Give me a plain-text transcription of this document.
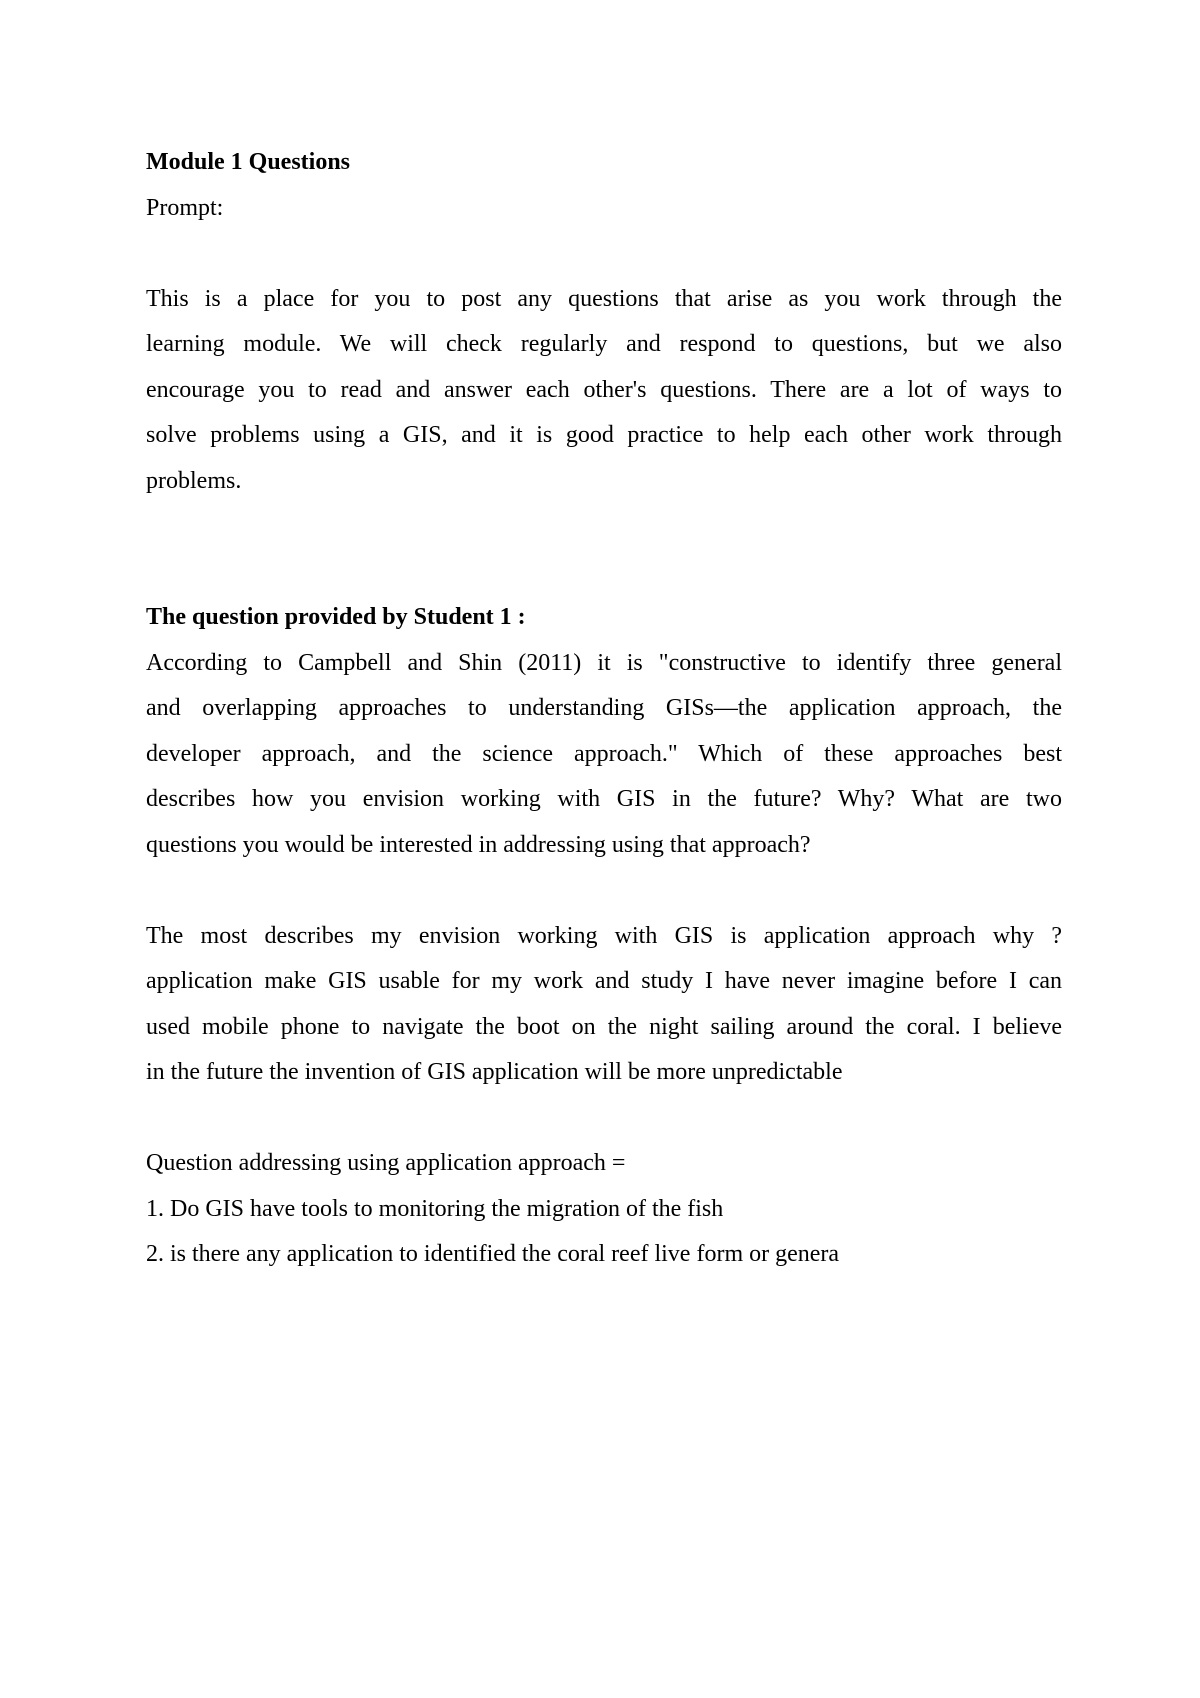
Module 1 Questions
Prompt:
This is a place for you to post any questions that arise as you work through the
learning module. We will check regularly and respond to questions, but we also
encourage you to read and answer each other's questions. There are a lot of ways to
solve problems using a GIS, and it is good practice to help each other work through
problems.
The question provided by Student 1 :
According to Campbell and Shin (2011) it is "constructive to identify three general
and overlapping approaches to understanding GISs—the application approach, the
developer approach, and the science approach." Which of these approaches best
describes how you envision working with GIS in the future? Why? What are two
questions you would be interested in addressing using that approach?
The most describes my envision working with GIS is application approach why ?
application make GIS usable for my work and study I have never imagine before I can
used mobile phone to navigate the boot on the night sailing around the coral. I believe
in the future the invention of GIS application will be more unpredictable
Question addressing using application approach =
1. Do GIS have tools to monitoring the migration of the fish
2. is there any application to identified the coral reef live form or genera
